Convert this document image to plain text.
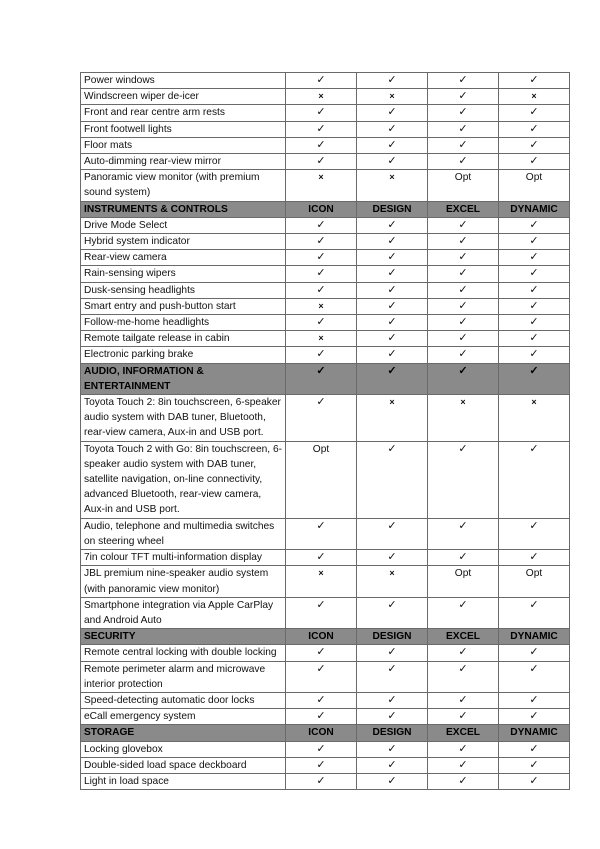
Power windows	✓	✓	✓	✓
Windscreen wiper de-icer	×	×	✓	×
Front and rear centre arm rests	✓	✓	✓	✓
Front footwell lights	✓	✓	✓	✓
Floor mats	✓	✓	✓	✓
Auto-dimming rear-view mirror	✓	✓	✓	✓
Panoramic view monitor (with premium sound system)	×	×	Opt	Opt
INSTRUMENTS & CONTROLS	ICON	DESIGN	EXCEL	DYNAMIC
Drive Mode Select	✓	✓	✓	✓
Hybrid system indicator	✓	✓	✓	✓
Rear-view camera	✓	✓	✓	✓
Rain-sensing wipers	✓	✓	✓	✓
Dusk-sensing headlights	✓	✓	✓	✓
Smart entry and push-button start	×	✓	✓	✓
Follow-me-home headlights	✓	✓	✓	✓
Remote tailgate release in cabin	×	✓	✓	✓
Electronic parking brake	✓	✓	✓	✓
AUDIO, INFORMATION & ENTERTAINMENT	✓	✓	✓	✓
Toyota Touch 2: 8in touchscreen, 6-speaker audio system with DAB tuner, Bluetooth, rear-view camera, Aux-in and USB port.	✓	×	×	×
Toyota Touch 2 with Go: 8in touchscreen, 6-speaker audio system with DAB tuner, satellite navigation, on-line connectivity, advanced Bluetooth, rear-view camera, Aux-in and USB port.	Opt	✓	✓	✓
Audio, telephone and multimedia switches on steering wheel	✓	✓	✓	✓
7in colour TFT multi-information display	✓	✓	✓	✓
JBL premium nine-speaker audio system (with panoramic view monitor)	×	×	Opt	Opt
Smartphone integration via Apple CarPlay and Android Auto	✓	✓	✓	✓
SECURITY	ICON	DESIGN	EXCEL	DYNAMIC
Remote central locking with double locking	✓	✓	✓	✓
Remote perimeter alarm and microwave interior protection	✓	✓	✓	✓
Speed-detecting automatic door locks	✓	✓	✓	✓
eCall emergency system	✓	✓	✓	✓
STORAGE	ICON	DESIGN	EXCEL	DYNAMIC
Locking glovebox	✓	✓	✓	✓
Double-sided load space deckboard	✓	✓	✓	✓
Light in load space	✓	✓	✓	✓
